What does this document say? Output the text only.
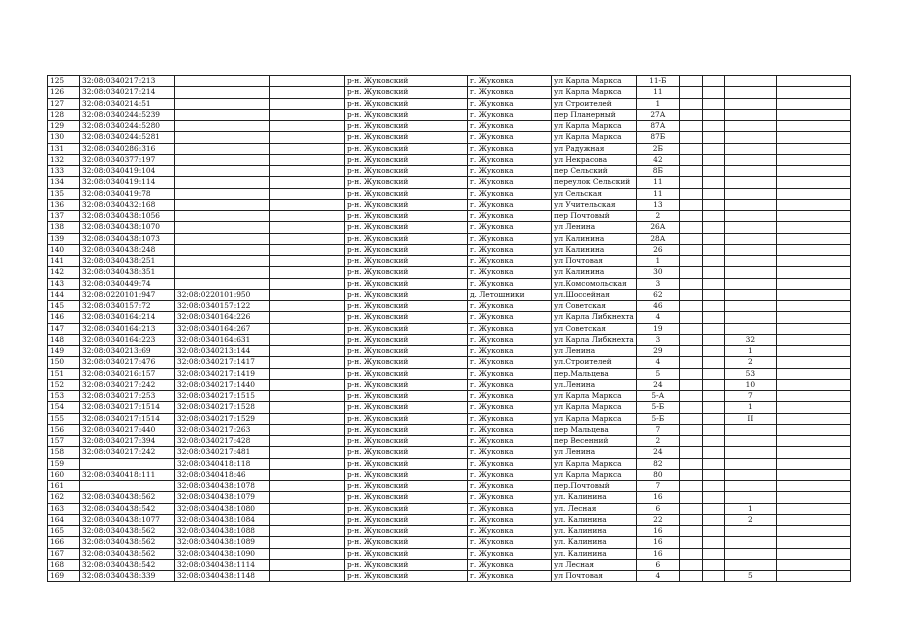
125	32:08:0340217:213			р-н. Жуковский	г. Жуковка	ул Карла Маркса	11-Б				
126	32:08:0340217:214			р-н. Жуковский	г. Жуковка	ул Карла Маркса	11				
127	32:08:0340214:51			р-н. Жуковский	г. Жуковка	ул Строителей	1				
128	32:08:0340244:5239			р-н. Жуковский	г. Жуковка	пер Планерный	27А				
129	32:08:0340244:5280			р-н. Жуковский	г. Жуковка	ул Карла Маркса	87А				
130	32:08:0340244:5281			р-н. Жуковский	г. Жуковка	ул Карла Маркса	87Б				
131	32:08:0340286:316			р-н. Жуковский	г. Жуковка	ул Радужная	2Б				
132	32:08:0340377:197			р-н. Жуковский	г. Жуковка	ул Некрасова	42				
133	32:08:0340419:104			р-н. Жуковский	г. Жуковка	пер Сельский	8Б				
134	32:08:0340419:114			р-н. Жуковский	г. Жуковка	переулок Сельский	11				
135	32:08:0340419:78			р-н. Жуковский	г. Жуковка	ул Сельская	11				
136	32:08:0340432:168			р-н. Жуковский	г. Жуковка	ул Учительская	13				
137	32:08:0340438:1056			р-н. Жуковский	г. Жуковка	пер Почтовый	2				
138	32:08:0340438:1070			р-н. Жуковский	г. Жуковка	ул Ленина	26А				
139	32:08:0340438:1073			р-н. Жуковский	г. Жуковка	ул Калинина	28А				
140	32:08:0340438:248			р-н. Жуковский	г. Жуковка	ул Калинина	26				
141	32:08:0340438:251			р-н. Жуковский	г. Жуковка	ул Почтовая	1				
142	32:08:0340438:351			р-н. Жуковский	г. Жуковка	ул Калинина	30				
143	32:08:0340449:74			р-н. Жуковский	г. Жуковка	ул.Комсомольская	3				
144	32:08:0220101:947	32:08:0220101:950		р-н. Жуковский	д. Летошники	ул.Шоссейная	62				
145	32:08:0340157:72	32:08:0340157:122		р-н. Жуковский	г. Жуковка	ул Советская	46				
146	32:08:0340164:214	32:08:0340164:226		р-н. Жуковский	г. Жуковка	ул Карла Либкнехта	4				
147	32:08:0340164:213	32:08:0340164:267		р-н. Жуковский	г. Жуковка	ул Советская	19				
148	32:08:0340164:223	32:08:0340164:631		р-н. Жуковский	г. Жуковка	ул Карла Либкнехта	3			32	
149	32:08:0340213:69	32:08:0340213:144		р-н. Жуковский	г. Жуковка	ул Ленина	29			1	
150	32:08:0340217:476	32:08:0340217:1417		р-н. Жуковский	г. Жуковка	ул.Строителей	4			2	
151	32:08:0340216:157	32:08:0340217:1419		р-н. Жуковский	г. Жуковка	пер.Мальцева	5			53	
152	32:08:0340217:242	32:08:0340217:1440		р-н. Жуковский	г. Жуковка	ул.Ленина	24			10	
153	32:08:0340217:253	32:08:0340217:1515		р-н. Жуковский	г. Жуковка	ул Карла Маркса	5-А			7	
154	32:08:0340217:1514	32:08:0340217:1528		р-н. Жуковский	г. Жуковка	ул Карла Маркса	5-Б			1	
155	32:08:0340217:1514	32:08:0340217:1529		р-н. Жуковский	г. Жуковка	ул Карла Маркса	5-Б			II	
156	32:08:0340217:440	32:08:0340217:263		р-н. Жуковский	г. Жуковка	пер Мальцева	7				
157	32:08:0340217:394	32:08:0340217:428		р-н. Жуковский	г. Жуковка	пер Весенний	2				
158	32:08:0340217:242	32:08:0340217:481		р-н. Жуковский	г. Жуковка	ул Ленина	24				
159		32:08:0340418:118		р-н. Жуковский	г. Жуковка	ул Карла Маркса	82				
160	32:08:0340418:111	32:08:0340418:46		р-н. Жуковский	г. Жуковка	ул Карла Маркса	80				
161		32:08:0340438:1078		р-н. Жуковский	г. Жуковка	пер.Почтовый	7				
162	32:08:0340438:562	32:08:0340438:1079		р-н. Жуковский	г. Жуковка	ул. Калинина	16				
163	32:08:0340438:542	32:08:0340438:1080		р-н. Жуковский	г. Жуковка	ул. Лесная	6			1	
164	32:08:0340438:1077	32:08:0340438:1084		р-н. Жуковский	г. Жуковка	ул. Калинина	22			2	
165	32:08:0340438:562	32:08:0340438:1088		р-н. Жуковский	г. Жуковка	ул. Калинина	16				
166	32:08:0340438:562	32:08:0340438:1089		р-н. Жуковский	г. Жуковка	ул. Калинина	16				
167	32:08:0340438:562	32:08:0340438:1090		р-н. Жуковский	г. Жуковка	ул. Калинина	16				
168	32:08:0340438:542	32:08:0340438:1114		р-н. Жуковский	г. Жуковка	ул Лесная	6				
169	32:08:0340438:339	32:08:0340438:1148		р-н. Жуковский	г. Жуковка	ул Почтовая	4			5	
